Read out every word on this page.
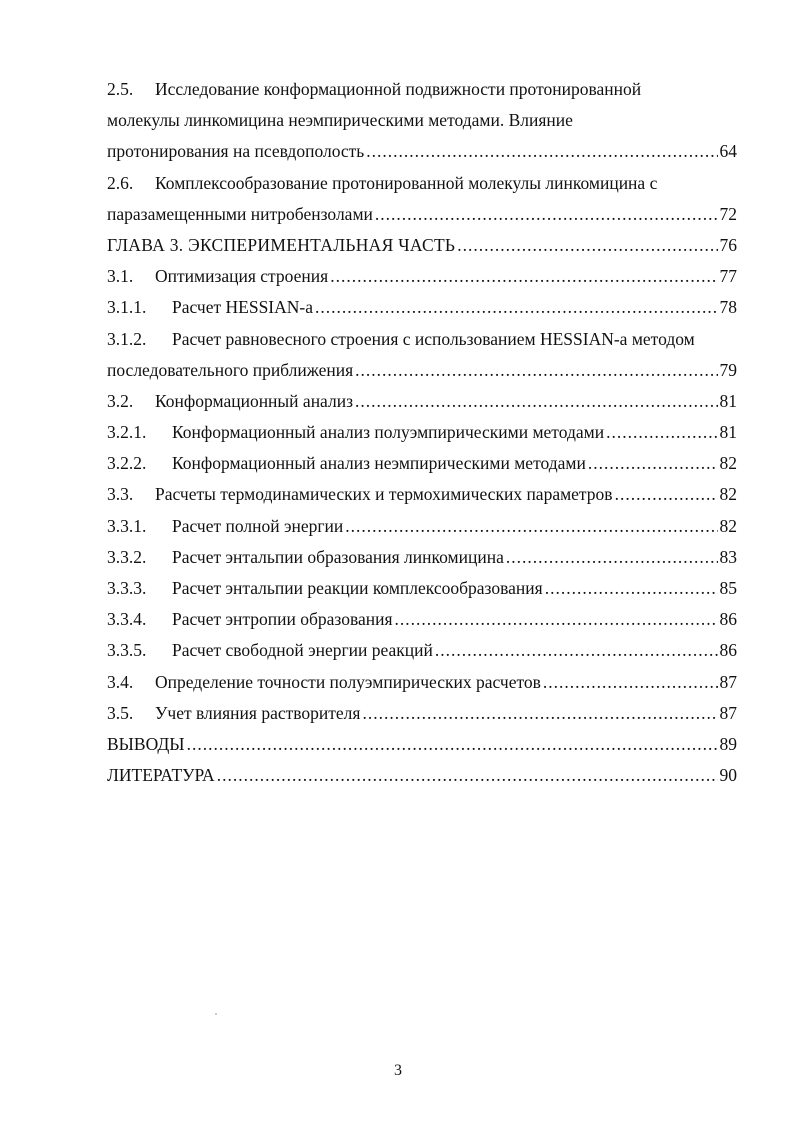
2.5.	Исследование конформационной подвижности протонированной
молекулы линкомицина неэмпирическими методами. Влияние
протонирования на псевдополость .....	64
2.6.	Комплексообразование протонированной молекулы линкомицина с
паразамещенными нитробензолами .....	72
ГЛАВА 3. ЭКСПЕРИМЕНТАЛЬНАЯ ЧАСТЬ .....	76
3.1.	Оптимизация строения .....	77
3.1.1.	Расчет HESSIAN-a .....	78
3.1.2.	Расчет равновесного строения с использованием HESSIAN-а методом
последовательного приближения .....	79
3.2.	Конформационный анализ .....	81
3.2.1.	Конформационный анализ полуэмпирическими методами .....	81
3.2.2.	Конформационный анализ неэмпирическими методами .....	82
3.3.	Расчеты термодинамических и термохимических параметров .....	82
3.3.1.	Расчет полной энергии .....	82
3.3.2.	Расчет энтальпии образования линкомицина .....	83
3.3.3.	Расчет энтальпии реакции комплексообразования .....	85
3.3.4.	Расчет энтропии образования .....	86
3.3.5.	Расчет свободной энергии реакций .....	86
3.4.	Определение точности полуэмпирических расчетов .....	87
3.5.	Учет влияния растворителя .....	87
ВЫВОДЫ .....	89
ЛИТЕРАТУРА .....	90
3
